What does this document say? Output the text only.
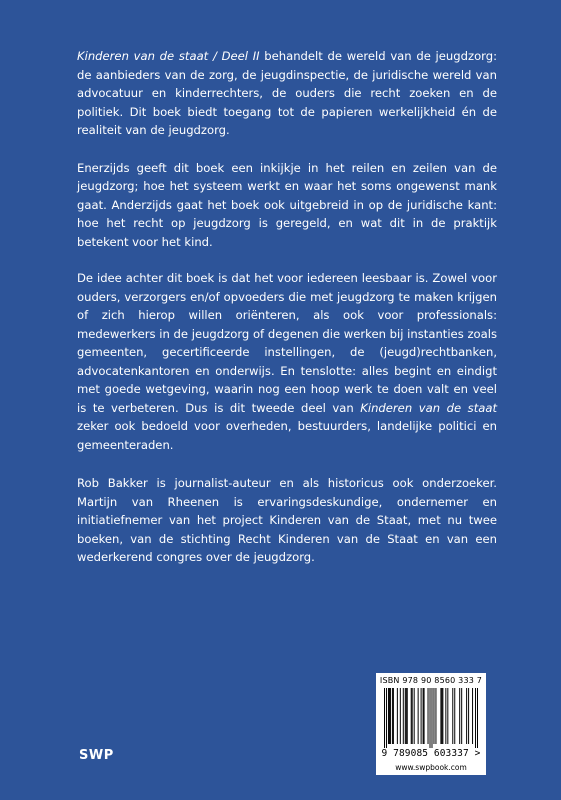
Kinderen van de staat / Deel II behandelt de wereld van de jeugdzorg: de aanbieders van de zorg, de jeugdinspectie, de juridische wereld van advocatuur en kinderrechters, de ouders die recht zoeken en de politiek. Dit boek biedt toegang tot de papieren werkelijkheid én de realiteit van de jeugdzorg.

Enerzijds geeft dit boek een inkijkje in het reilen en zeilen van de jeugdzorg; hoe het systeem werkt en waar het soms ongewenst mank gaat. Anderzijds gaat het boek ook uitgebreid in op de juridische kant: hoe het recht op jeugdzorg is geregeld, en wat dit in de praktijk betekent voor het kind.

De idee achter dit boek is dat het voor iedereen leesbaar is. Zowel voor ouders, verzorgers en/of opvoeders die met jeugdzorg te maken krijgen of zich hierop willen oriënteren, als ook voor professionals: medewerkers in de jeugdzorg of degenen die werken bij instanties zoals gemeenten, gecertificeerde instellingen, de (jeugd)rechtbanken, advocatenkantoren en onderwijs. En tenslotte: alles begint en eindigt met goede wetgeving, waarin nog een hoop werk te doen valt en veel is te verbeteren. Dus is dit tweede deel van Kinderen van de staat zeker ook bedoeld voor overheden, bestuurders, landelijke politici en gemeenteraden.

Rob Bakker is journalist-auteur en als historicus ook onderzoeker. Martijn van Rheenen is ervaringsdeskundige, ondernemer en initiatiefnemer van het project Kinderen van de Staat, met nu twee boeken, van de stichting Recht Kinderen van de Staat en van een wederkerend congres over de jeugdzorg.

SWP
ISBN 978 90 8560 333 7
9 789085 603337 >
www.swpbook.com
